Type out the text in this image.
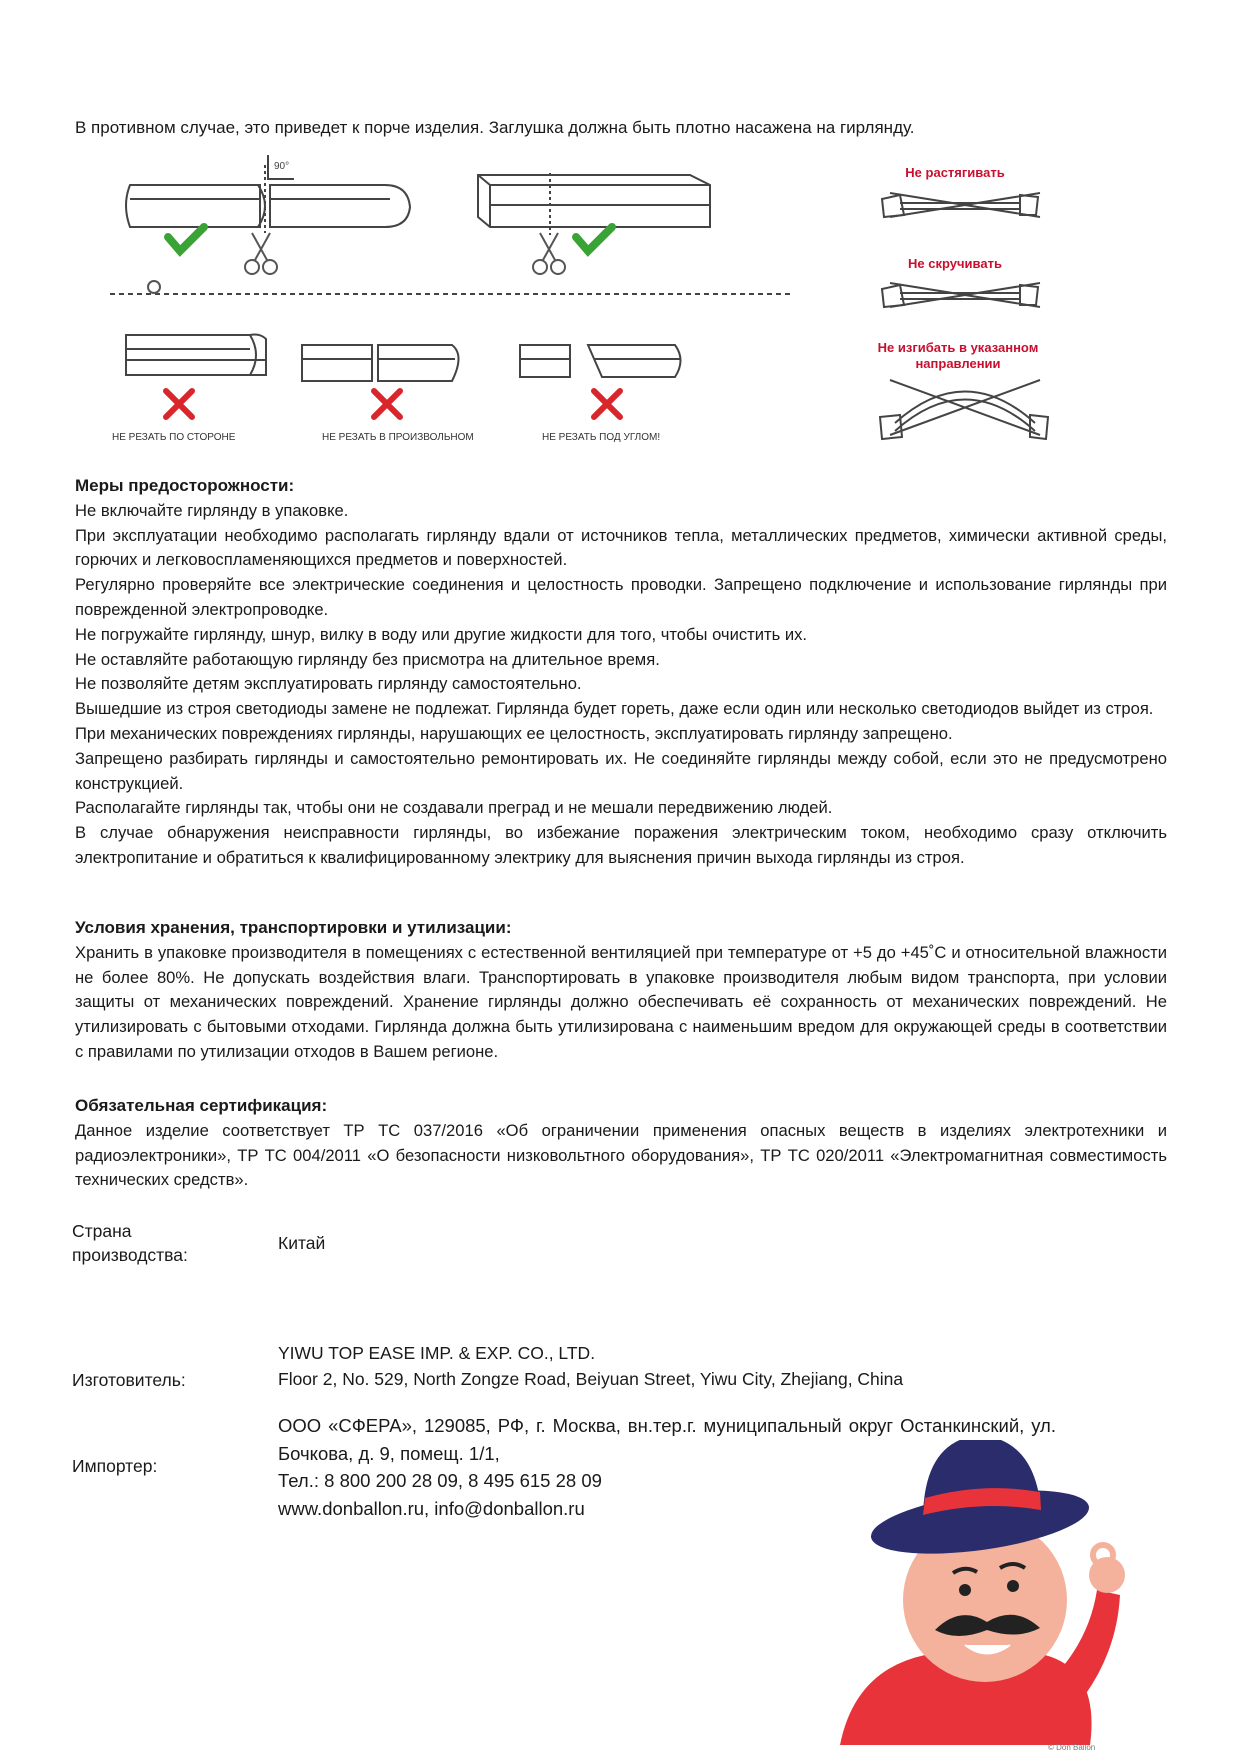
В противном случае, это приведет к порче изделия. Заглушка должна быть плотно насажена на гирлянду.
90°
НЕ РЕЗАТЬ ПО СТОРОНЕ	НЕ РЕЗАТЬ В ПРОИЗВОЛЬНОМ	НЕ РЕЗАТЬ ПОД УГЛОМ!
Не растягивать
Не скручивать
Не изгибать в указанном
направлении
Меры предосторожности:

Не включайте гирлянду в упаковке.

При эксплуатации необходимо располагать гирлянду вдали от источников тепла, металлических предметов, химически активной среды, горючих и легковоспламеняющихся предметов и поверхностей.

Регулярно проверяйте все электрические соединения и целостность проводки. Запрещено подключение и использование гирлянды при поврежденной электропроводке.

Не погружайте гирлянду, шнур, вилку в воду или другие жидкости для того, чтобы очистить их.

Не оставляйте работающую гирлянду без присмотра на длительное время.

Не позволяйте детям эксплуатировать гирлянду самостоятельно.

Вышедшие из строя светодиоды замене не подлежат. Гирлянда будет гореть, даже если один или несколько светодиодов выйдет из строя.

При механических повреждениях гирлянды, нарушающих ее целостность, эксплуатировать гирлянду запрещено.

Запрещено разбирать гирлянды и самостоятельно ремонтировать их. Не соединяйте гирлянды между собой, если это не предусмотрено конструкцией.

Располагайте гирлянды так, чтобы они не создавали преград и не мешали передвижению людей.

В случае обнаружения неисправности гирлянды, во избежание поражения электрическим током, необходимо сразу отключить электропитание и обратиться к квалифицированному электрику для выяснения причин выхода гирлянды из строя.

Условия хранения, транспортировки и утилизации:

Хранить в упаковке производителя в помещениях с естественной вентиляцией при температуре от +5 до +45˚С и относительной влажности не более 80%. Не допускать воздействия влаги. Транспортировать в упаковке производителя любым видом транспорта, при условии защиты от механических повреждений. Хранение гирлянды должно обеспечивать её сохранность от механических повреждений. Не утилизировать с бытовыми отходами. Гирлянда должна быть утилизирована с наименьшим вредом для окружающей среды в соответствии с правилами по утилизации отходов в Вашем регионе.

Обязательная сертификация:

Данное изделие соответствует ТР ТС 037/2016 «Об ограничении применения опасных веществ в изделиях электротехники и радиоэлектроники», ТР ТС 004/2011 «О безопасности низковольтного оборудования», ТР ТС 020/2011 «Электромагнитная совместимость технических средств».

Страна
производства:
Китай
Изготовитель:
YIWU TOP EASE IMP. & EXP. CO., LTD.
Floor 2, No. 529, North Zongze Road, Beiyuan Street, Yiwu City, Zhejiang, China
Импортер:
ООО «СФЕРА», 129085, РФ, г. Москва, вн.тер.г. муниципальный округ Останкинский, ул. Бочкова, д. 9, помещ. 1/1,
Тел.: 8 800 200 28 09, 8 495 615 28 09
www.donballon.ru, info@donballon.ru
© Don Ballon
